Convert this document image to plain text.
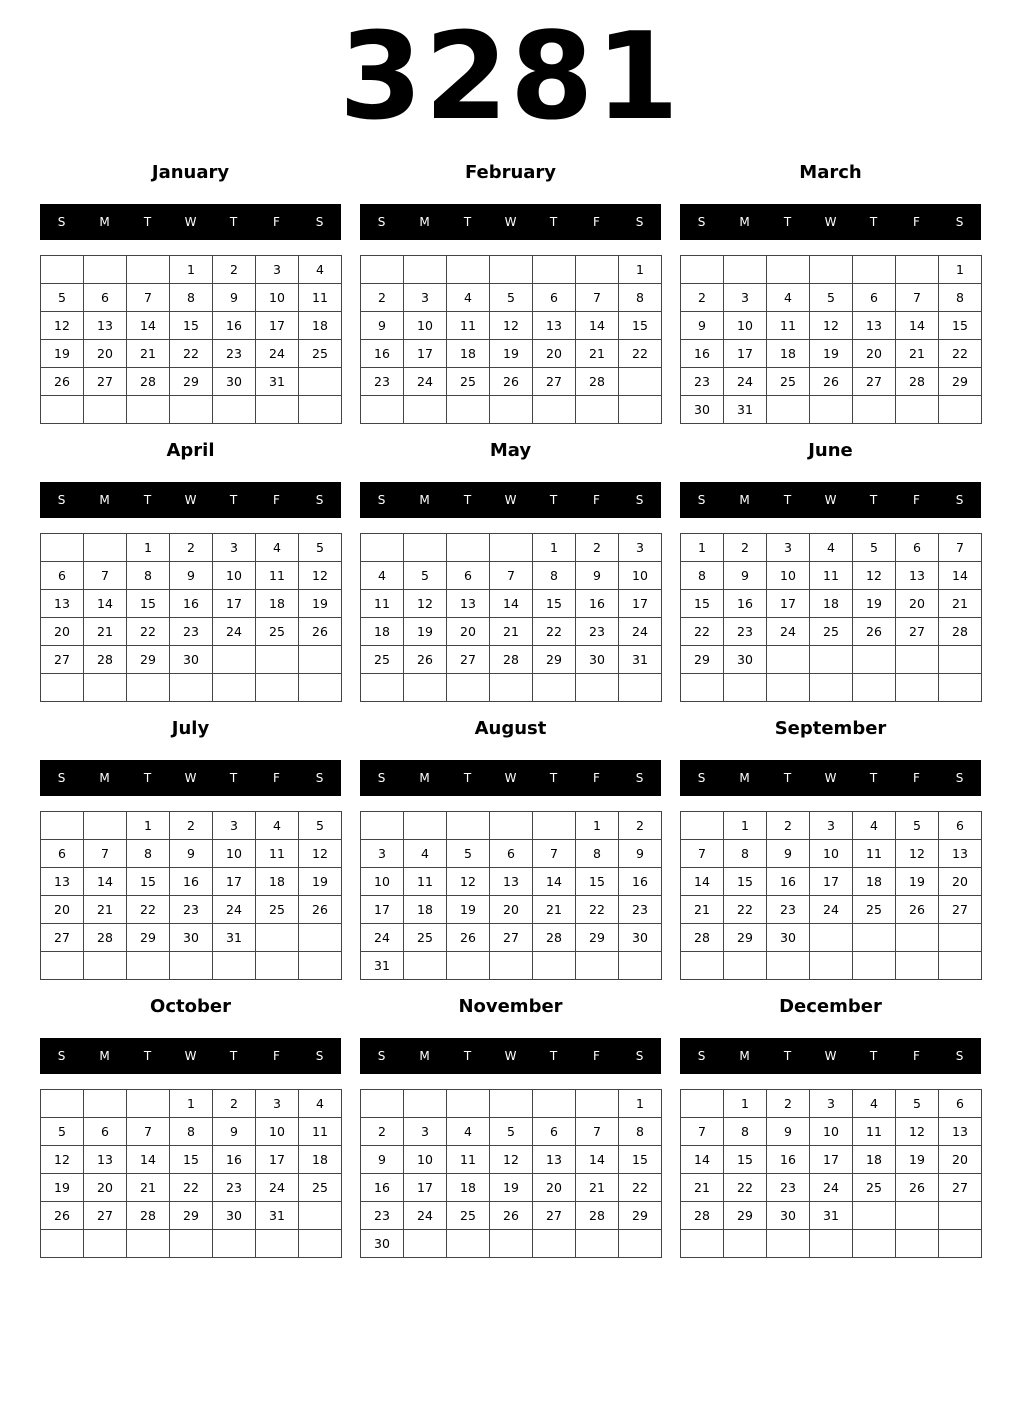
3281
January
S	M	T	W	T	F	S
			1	2	3	4
5	6	7	8	9	10	11
12	13	14	15	16	17	18
19	20	21	22	23	24	25
26	27	28	29	30	31	

February
S	M	T	W	T	F	S
						1
2	3	4	5	6	7	8
9	10	11	12	13	14	15
16	17	18	19	20	21	22
23	24	25	26	27	28	

March
S	M	T	W	T	F	S
						1
2	3	4	5	6	7	8
9	10	11	12	13	14	15
16	17	18	19	20	21	22
23	24	25	26	27	28	29
30	31					
April
S	M	T	W	T	F	S
		1	2	3	4	5
6	7	8	9	10	11	12
13	14	15	16	17	18	19
20	21	22	23	24	25	26
27	28	29	30			

May
S	M	T	W	T	F	S
				1	2	3
4	5	6	7	8	9	10
11	12	13	14	15	16	17
18	19	20	21	22	23	24
25	26	27	28	29	30	31

June
S	M	T	W	T	F	S
1	2	3	4	5	6	7
8	9	10	11	12	13	14
15	16	17	18	19	20	21
22	23	24	25	26	27	28
29	30					

July
S	M	T	W	T	F	S
		1	2	3	4	5
6	7	8	9	10	11	12
13	14	15	16	17	18	19
20	21	22	23	24	25	26
27	28	29	30	31		

August
S	M	T	W	T	F	S
					1	2
3	4	5	6	7	8	9
10	11	12	13	14	15	16
17	18	19	20	21	22	23
24	25	26	27	28	29	30
31						
September
S	M	T	W	T	F	S
	1	2	3	4	5	6
7	8	9	10	11	12	13
14	15	16	17	18	19	20
21	22	23	24	25	26	27
28	29	30				

October
S	M	T	W	T	F	S
			1	2	3	4
5	6	7	8	9	10	11
12	13	14	15	16	17	18
19	20	21	22	23	24	25
26	27	28	29	30	31	

November
S	M	T	W	T	F	S
						1
2	3	4	5	6	7	8
9	10	11	12	13	14	15
16	17	18	19	20	21	22
23	24	25	26	27	28	29
30						
December
S	M	T	W	T	F	S
	1	2	3	4	5	6
7	8	9	10	11	12	13
14	15	16	17	18	19	20
21	22	23	24	25	26	27
28	29	30	31			
